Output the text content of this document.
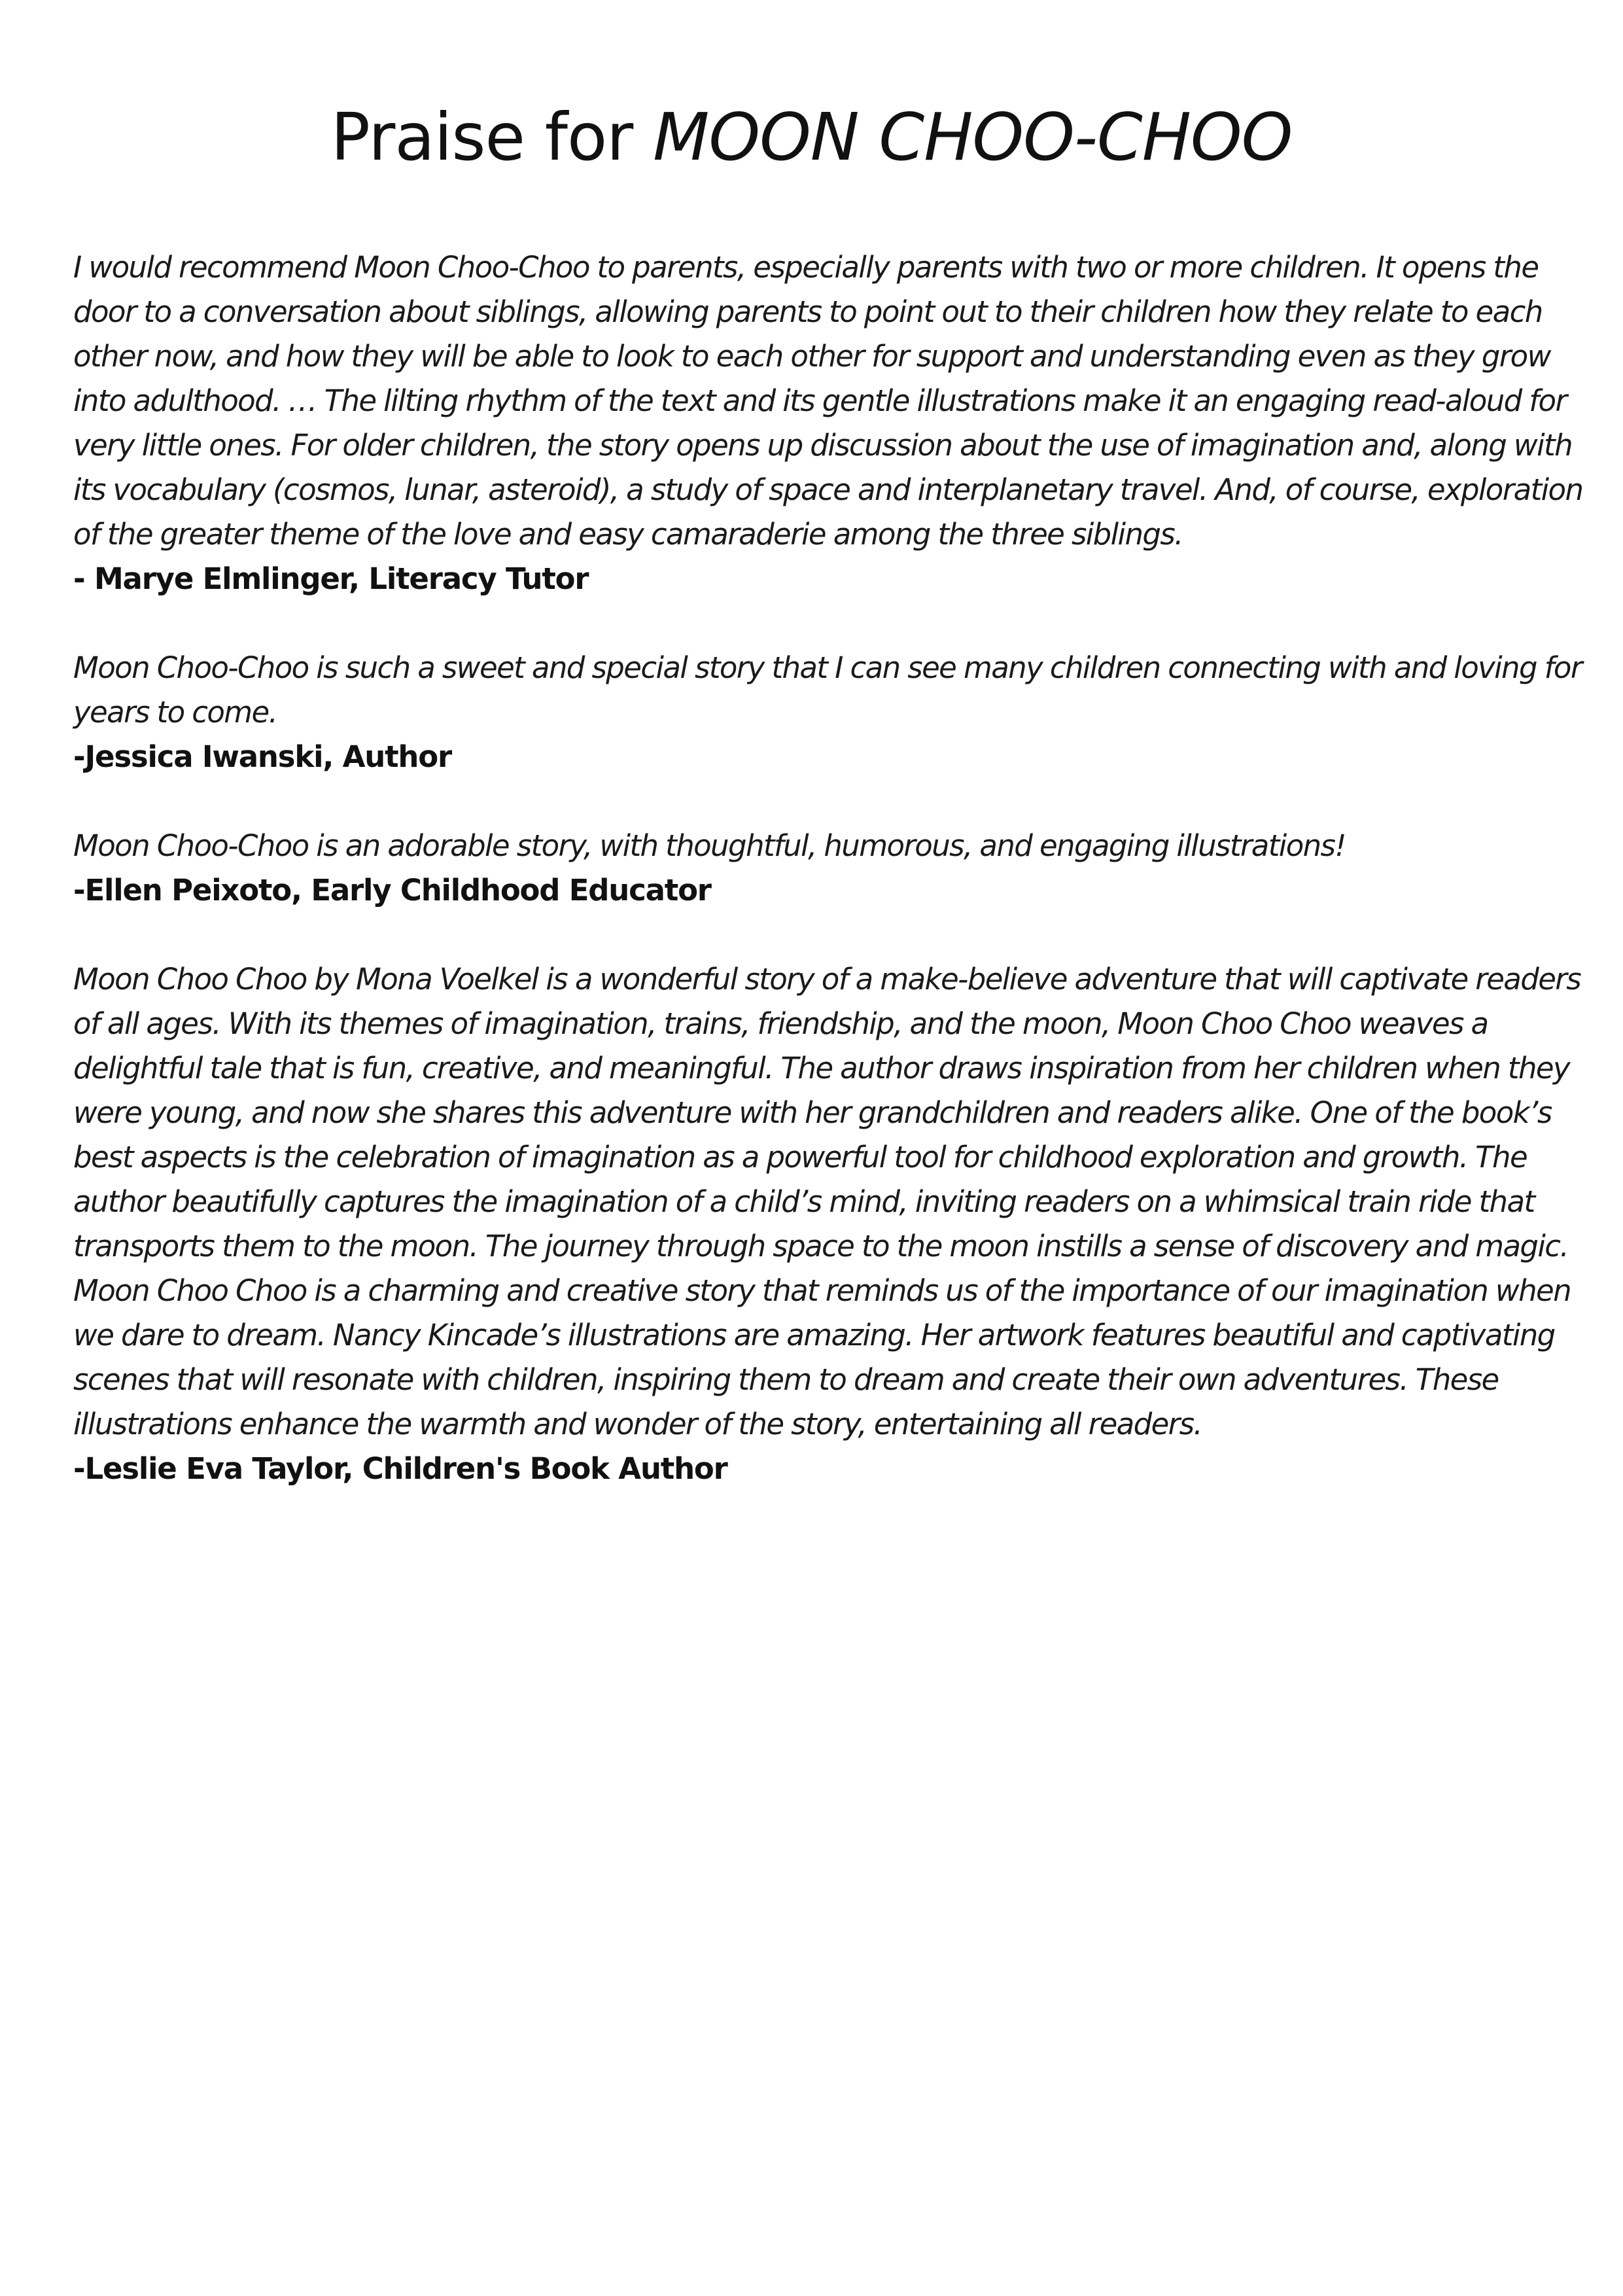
Praise for MOON CHOO-CHOO

I would recommend Moon Choo-Choo to parents, especially parents with two or more children. It opens the door to a conversation about siblings, allowing parents to point out to their children how they relate to each other now, and how they will be able to look to each other for support and understanding even as they grow into adulthood. … The lilting rhythm of the text and its gentle illustrations make it an engaging read-aloud for very little ones. For older children, the story opens up discussion about the use of imagination and, along with its vocabulary (cosmos, lunar, asteroid), a study of space and interplanetary travel. And, of course, exploration of the greater theme of the love and easy camaraderie among the three siblings.

- Marye Elmlinger, Literacy Tutor

Moon Choo-Choo is such a sweet and special story that I can see many children connecting with and loving for years to come.

-Jessica Iwanski, Author

Moon Choo-Choo is an adorable story, with thoughtful, humorous, and engaging illustrations!

-Ellen Peixoto, Early Childhood Educator

Moon Choo Choo by Mona Voelkel is a wonderful story of a make-believe adventure that will captivate readers of all ages. With its themes of imagination, trains, friendship, and the moon, Moon Choo Choo weaves a delightful tale that is fun, creative, and meaningful. The author draws inspiration from her children when they were young, and now she shares this adventure with her grandchildren and readers alike. One of the book’s best aspects is the celebration of imagination as a powerful tool for childhood exploration and growth. The author beautifully captures the imagination of a child’s mind, inviting readers on a whimsical train ride that transports them to the moon. The journey through space to the moon instills a sense of discovery and magic. Moon Choo Choo is a charming and creative story that reminds us of the importance of our imagination when we dare to dream. Nancy Kincade’s illustrations are amazing. Her artwork features beautiful and captivating scenes that will resonate with children, inspiring them to dream and create their own adventures. These illustrations enhance the warmth and wonder of the story, entertaining all readers.

-Leslie Eva Taylor, Children's Book Author
